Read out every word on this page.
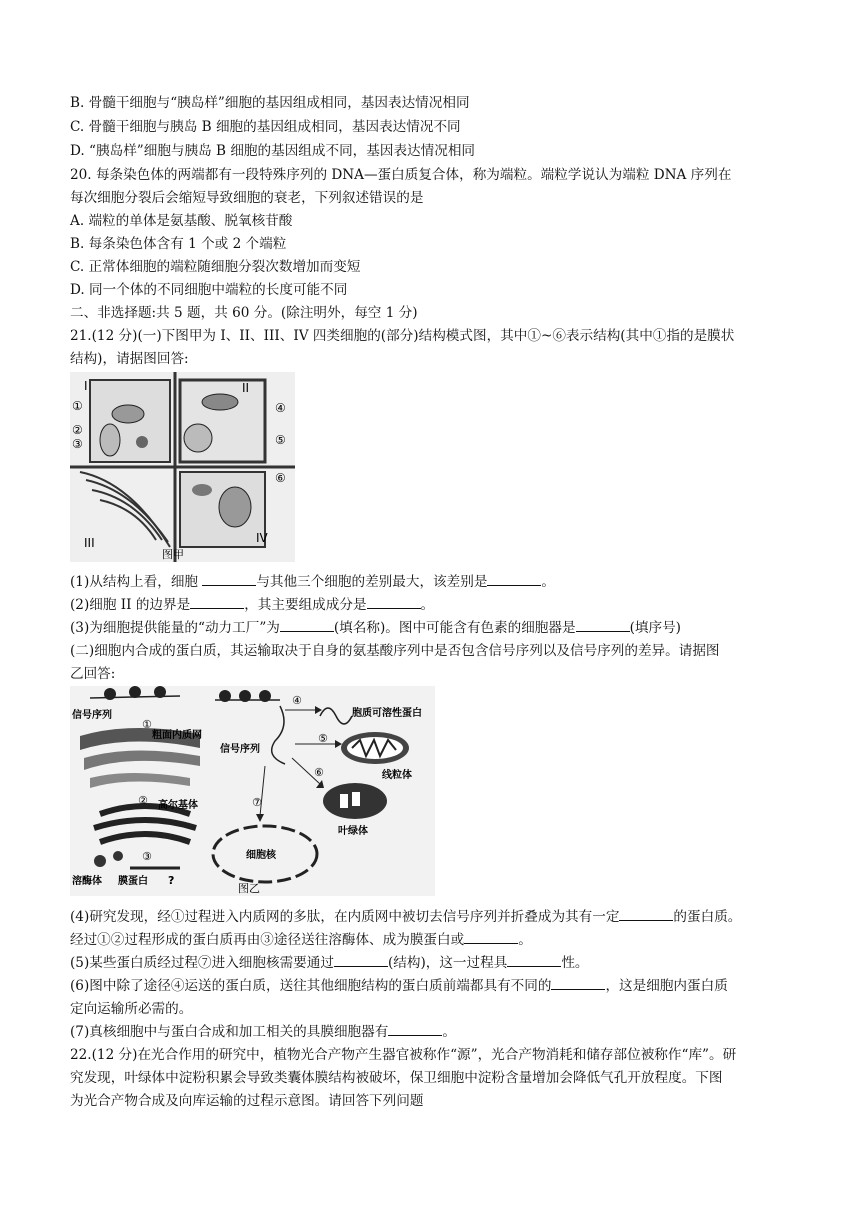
B. 骨髓干细胞与“胰岛样”细胞的基因组成相同，基因表达情况相同
C. 骨髓干细胞与胰岛 B 细胞的基因组成相同，基因表达情况不同
D. “胰岛样”细胞与胰岛 B 细胞的基因组成不同，基因表达情况相同
20. 每条染色体的两端都有一段特殊序列的 DNA—蛋白质复合体，称为端粒。端粒学说认为端粒 DNA 序列在
每次细胞分裂后会缩短导致细胞的衰老，下列叙述错误的是
A. 端粒的单体是氨基酸、脱氧核苷酸
B. 每条染色体含有 1 个或 2 个端粒
C. 正常体细胞的端粒随细胞分裂次数增加而变短
D. 同一个体的不同细胞中端粒的长度可能不同
二、非选择题:共 5 题，共 60 分。(除注明外，每空 1 分)
21.(12 分)(一)下图甲为 I、II、III、IV 四类细胞的(部分)结构模式图，其中①~⑥表示结构(其中①指的是膜状
结构)，请据图回答:
I	II
III	IV
①
②
③
④
⑤
⑥
图甲
(1)从结构上看，细胞	与其他三个细胞的差别最大，该差别是	。
(2)细胞 II 的边界是	，其主要组成成分是	。
(3)为细胞提供能量的“动力工厂”为	(填名称)。图中可能含有色素的细胞器是	(填序号)
(二)细胞内合成的蛋白质，其运输取决于自身的氨基酸序列中是否包含信号序列以及信号序列的差异。请据图
乙回答:
信号序列
①
粗面内质网
② 高尔基体
③
溶酶体 膜蛋白 ?
信号序列
④
胞质可溶性蛋白
⑤
线粒体
⑥
叶绿体
⑦
细胞核
图乙
(4)研究发现，经①过程进入内质网的多肽，在内质网中被切去信号序列并折叠成为其有一定	的蛋白质。
经过①②过程形成的蛋白质再由③途径送往溶酶体、成为膜蛋白或	。
(5)某些蛋白质经过程⑦进入细胞核需要通过	(结构)，这一过程具	性。
(6)图中除了途径④运送的蛋白质，送往其他细胞结构的蛋白质前端都具有不同的	，这是细胞内蛋白质
定向运输所必需的。
(7)真核细胞中与蛋白合成和加工相关的具膜细胞器有	。
22.(12 分)在光合作用的研究中，植物光合产物产生器官被称作“源”，光合产物消耗和储存部位被称作“库”。研
究发现，叶绿体中淀粉积累会导致类囊体膜结构被破坏，保卫细胞中淀粉含量增加会降低气孔开放程度。下图
为光合产物合成及向库运输的过程示意图。请回答下列问题
